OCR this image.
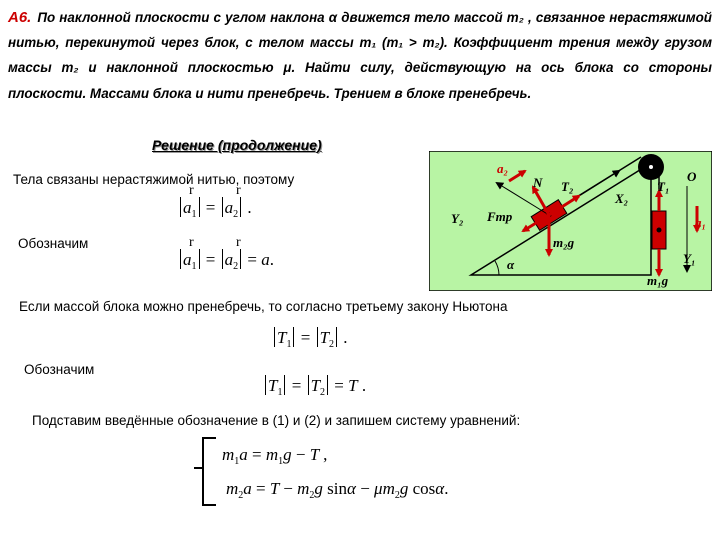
А6. По наклонной плоскости с углом наклона α движется тело массой m₂ , связанное нерастяжимой нитью, перекинутой через блок, с телом массы m₁ (m₁ > m₂). Коэффициент трения между грузом массы m₂ и наклонной плоскостью μ. Найти силу, действующую на ось блока со стороны плоскости. Массами блока и нити пренебречь. Трением в блоке пренебречь.
Решение (продолжение)
Тела связаны нерастяжимой нитью, поэтому
$a_1 = a_2$ .
r	r
Обозначим
$a_1 = a_2 = a$.
r	r
Если массой блока можно пренебречь, то согласно третьему закону Ньютона
$T_1 = T_2$ .
Обозначим
$T_1 = T_2 = T$ .
Подставим введённые обозначение в (1) и (2) и запишем систему уравнений:
$m_1a = m_1g - T$ ,
$m_2a = T - m_2g$ $\sin\alpha - \mu m_2g$ cosα.
a₂
N T₂
X₂
T₁
O
Y₂ Fтр
m₂g
a₁
α	Y₁
m₁g
